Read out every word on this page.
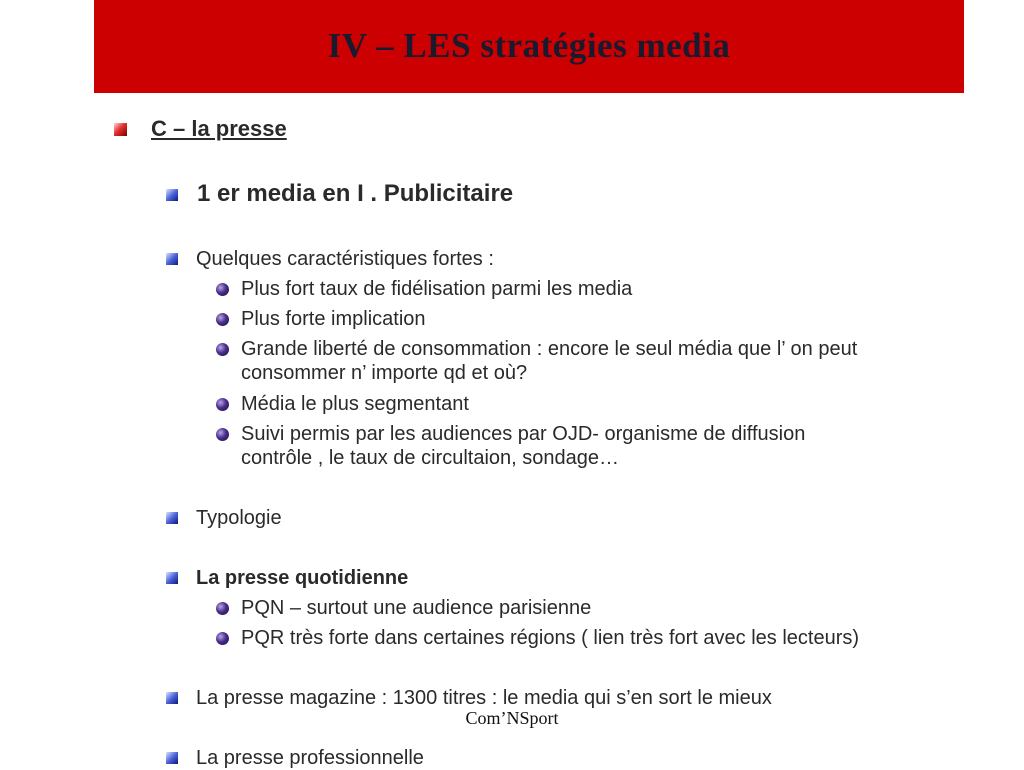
IV – LES stratégies media
C – la presse
1 er media en I . Publicitaire
Quelques caractéristiques fortes :
Plus fort taux de fidélisation parmi les media
Plus forte implication
Grande liberté de consommation : encore le seul média que l’ on peut
consommer n’ importe qd et où?
Média le plus segmentant
Suivi permis par les audiences par OJD- organisme de diffusion
contrôle , le taux de circultaion, sondage…
Typologie
La presse quotidienne
PQN – surtout une audience parisienne
PQR très forte dans certaines régions ( lien très fort avec les lecteurs)
La presse magazine : 1300 titres : le media qui s’en sort le mieux
Com’NSport
La presse professionnelle
